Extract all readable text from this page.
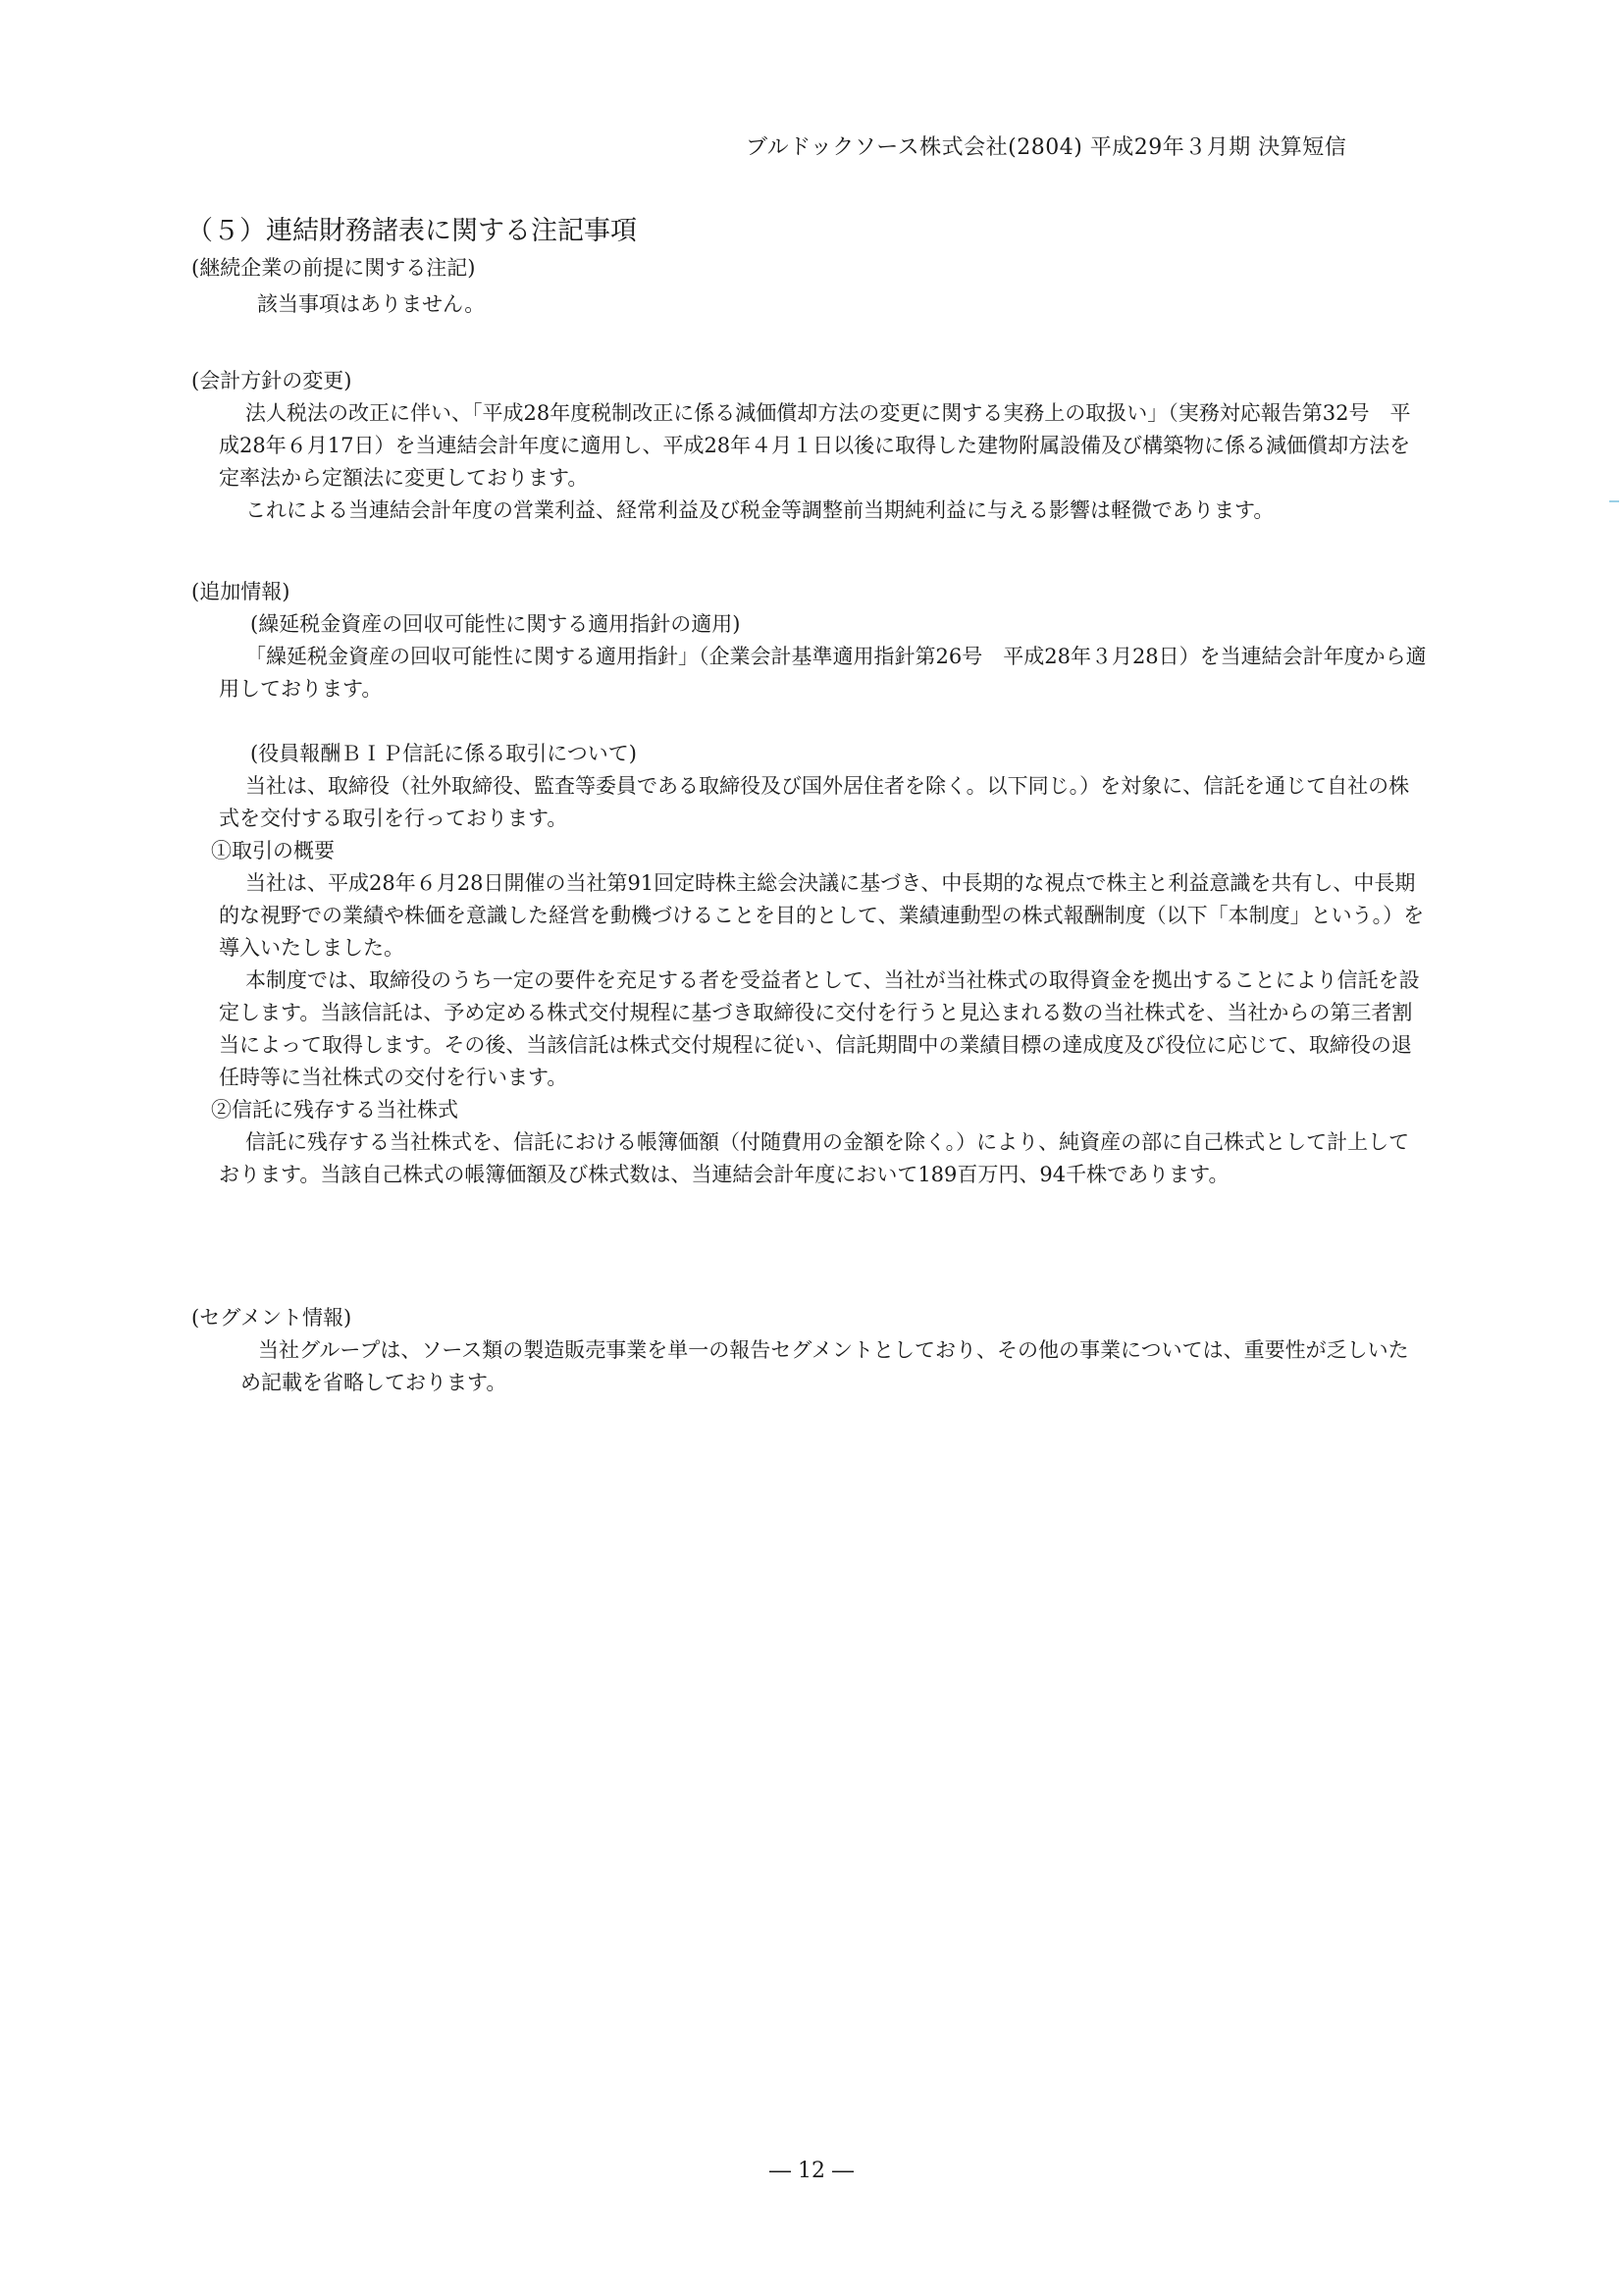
ブルドックソース株式会社(2804) 平成29年３月期 決算短信
（５）連結財務諸表に関する注記事項

(継続企業の前提に関する注記)

該当事項はありません。

(会計方針の変更)

法人税法の改正に伴い、「平成28年度税制改正に係る減価償却方法の変更に関する実務上の取扱い」（実務対応報告第32号　平成28年６月17日）を当連結会計年度に適用し、平成28年４月１日以後に取得した建物附属設備及び構築物に係る減価償却方法を定率法から定額法に変更しております。

これによる当連結会計年度の営業利益、経常利益及び税金等調整前当期純利益に与える影響は軽微であります。

(追加情報)

(繰延税金資産の回収可能性に関する適用指針の適用)

「繰延税金資産の回収可能性に関する適用指針」（企業会計基準適用指針第26号　平成28年３月28日）を当連結会計年度から適用しております。

(役員報酬ＢＩＰ信託に係る取引について)

当社は、取締役（社外取締役、監査等委員である取締役及び国外居住者を除く。以下同じ。）を対象に、信託を通じて自社の株式を交付する取引を行っております。

①取引の概要

当社は、平成28年６月28日開催の当社第91回定時株主総会決議に基づき、中長期的な視点で株主と利益意識を共有し、中長期的な視野での業績や株価を意識した経営を動機づけることを目的として、業績連動型の株式報酬制度（以下「本制度」という。）を導入いたしました。

本制度では、取締役のうち一定の要件を充足する者を受益者として、当社が当社株式の取得資金を拠出することにより信託を設定します。当該信託は、予め定める株式交付規程に基づき取締役に交付を行うと見込まれる数の当社株式を、当社からの第三者割当によって取得します。その後、当該信託は株式交付規程に従い、信託期間中の業績目標の達成度及び役位に応じて、取締役の退任時等に当社株式の交付を行います。

②信託に残存する当社株式

信託に残存する当社株式を、信託における帳簿価額（付随費用の金額を除く。）により、純資産の部に自己株式として計上しております。当該自己株式の帳簿価額及び株式数は、当連結会計年度において189百万円、94千株であります。

(セグメント情報)

当社グループは、ソース類の製造販売事業を単一の報告セグメントとしており、その他の事業については、重要性が乏しいため記載を省略しております。

― 12 ―
